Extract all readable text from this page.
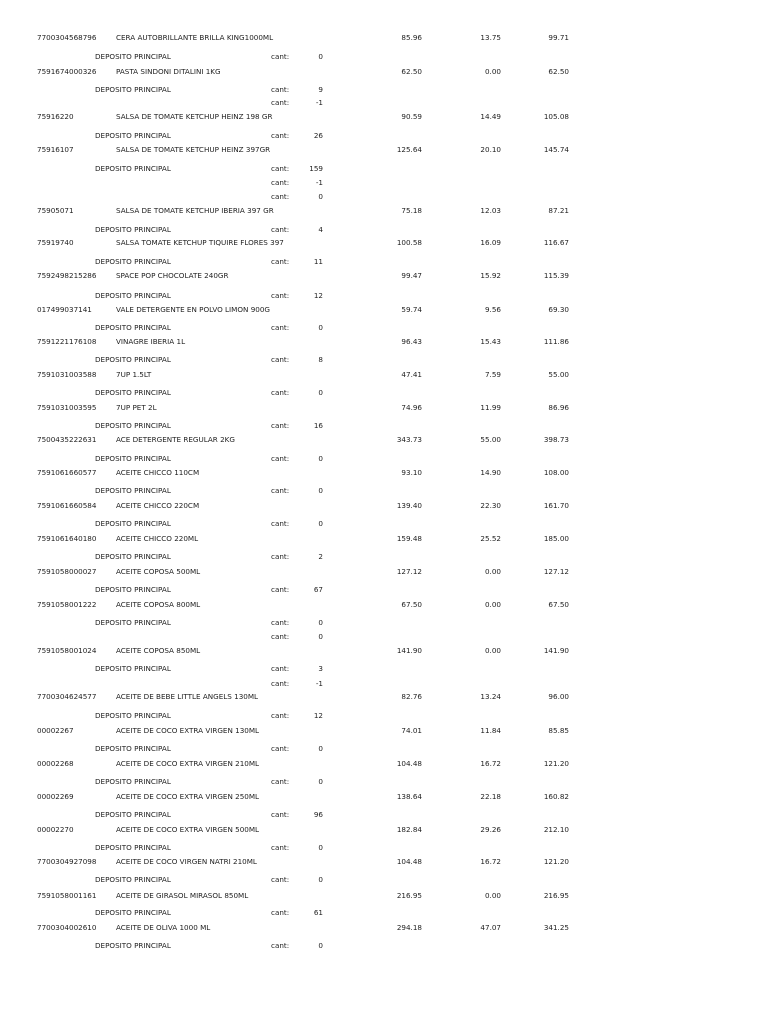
7700304568796	CERA AUTOBRILLANTE BRILLA KING1000ML	85.96	13.75	99.71
DEPOSITO PRINCIPAL	cant:	0
7591674000326	PASTA SINDONI DITALINI 1KG	62.50	0.00	62.50
DEPOSITO PRINCIPAL	cant:	9
cant:	-1
75916220	SALSA DE TOMATE KETCHUP HEINZ 198 GR	90.59	14.49	105.08
DEPOSITO PRINCIPAL	cant:	26
75916107	SALSA DE TOMATE KETCHUP HEINZ 397GR	125.64	20.10	145.74
DEPOSITO PRINCIPAL	cant:	159
cant:	-1
cant:	0
75905071	SALSA DE TOMATE KETCHUP IBERIA 397 GR	75.18	12.03	87.21
DEPOSITO PRINCIPAL	cant:	4
75919740	SALSA TOMATE KETCHUP TIQUIRE FLORES 397	100.58	16.09	116.67
DEPOSITO PRINCIPAL	cant:	11
7592498215286	SPACE POP CHOCOLATE 240GR	99.47	15.92	115.39
DEPOSITO PRINCIPAL	cant:	12
017499037141	VALE DETERGENTE EN POLVO LIMON 900G	59.74	9.56	69.30
DEPOSITO PRINCIPAL	cant:	0
7591221176108	VINAGRE IBERIA 1L	96.43	15.43	111.86
DEPOSITO PRINCIPAL	cant:	8
7591031003588	7UP 1.5LT	47.41	7.59	55.00
DEPOSITO PRINCIPAL	cant:	0
7591031003595	7UP PET 2L	74.96	11.99	86.96
DEPOSITO PRINCIPAL	cant:	16
7500435222631	ACE DETERGENTE REGULAR 2KG	343.73	55.00	398.73
DEPOSITO PRINCIPAL	cant:	0
7591061660577	ACEITE CHICCO 110CM	93.10	14.90	108.00
DEPOSITO PRINCIPAL	cant:	0
7591061660584	ACEITE CHICCO 220CM	139.40	22.30	161.70
DEPOSITO PRINCIPAL	cant:	0
7591061640180	ACEITE CHICCO 220ML	159.48	25.52	185.00
DEPOSITO PRINCIPAL	cant:	2
7591058000027	ACEITE COPOSA 500ML	127.12	0.00	127.12
DEPOSITO PRINCIPAL	cant:	67
7591058001222	ACEITE COPOSA 800ML	67.50	0.00	67.50
DEPOSITO PRINCIPAL	cant:	0
cant:	0
7591058001024	ACEITE COPOSA 850ML	141.90	0.00	141.90
DEPOSITO PRINCIPAL	cant:	3
cant:	-1
7700304624577	ACEITE DE BEBE LITTLE ANGELS 130ML	82.76	13.24	96.00
DEPOSITO PRINCIPAL	cant:	12
00002267	ACEITE DE COCO EXTRA VIRGEN 130ML	74.01	11.84	85.85
DEPOSITO PRINCIPAL	cant:	0
00002268	ACEITE DE COCO EXTRA VIRGEN 210ML	104.48	16.72	121.20
DEPOSITO PRINCIPAL	cant:	0
00002269	ACEITE DE COCO EXTRA VIRGEN 250ML	138.64	22.18	160.82
DEPOSITO PRINCIPAL	cant:	96
00002270	ACEITE DE COCO EXTRA VIRGEN 500ML	182.84	29.26	212.10
DEPOSITO PRINCIPAL	cant:	0
7700304927098	ACEITE DE COCO VIRGEN NATRI 210ML	104.48	16.72	121.20
DEPOSITO PRINCIPAL	cant:	0
7591058001161	ACEITE DE GIRASOL MIRASOL 850ML	216.95	0.00	216.95
DEPOSITO PRINCIPAL	cant:	61
7700304002610	ACEITE DE OLIVA 1000 ML	294.18	47.07	341.25
DEPOSITO PRINCIPAL	cant:	0
